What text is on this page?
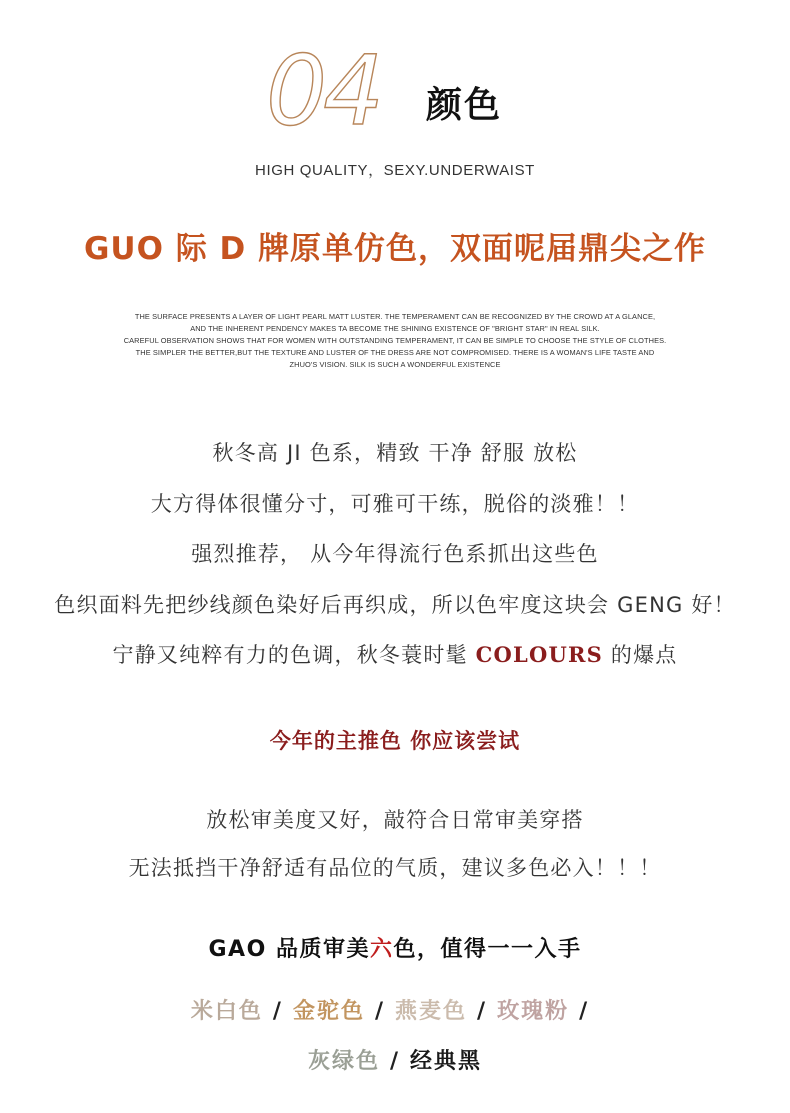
04 颜色
HIGH QUALITY，SEXY.UNDERWAIST
GUO 际 D 牌原单仿色，双面呢届鼎尖之作
THE SURFACE PRESENTS A LAYER OF LIGHT PEARL MATT LUSTER. THE TEMPERAMENT CAN BE RECOGNIZED BY THE CROWD AT A GLANCE,
AND THE INHERENT PENDENCY MAKES TA BECOME THE SHINING EXISTENCE OF "BRIGHT STAR" IN REAL SILK.
CAREFUL OBSERVATION SHOWS THAT FOR WOMEN WITH OUTSTANDING TEMPERAMENT, IT CAN BE SIMPLE TO CHOOSE THE STYLE OF CLOTHES.
THE SIMPLER THE BETTER,BUT THE TEXTURE AND LUSTER OF THE DRESS ARE NOT COMPROMISED. THERE IS A WOMAN'S LIFE TASTE AND
ZHUO'S VISION. SILK IS SUCH A WONDERFUL EXISTENCE
秋冬高 JI 色系，精致 干净 舒服 放松
大方得体很懂分寸，可雅可干练，脱俗的淡雅！！
强烈推荐， 从今年得流行色系抓出这些色
色织面料先把纱线颜色染好后再织成，所以色牢度这块会 GENG 好！
宁静又纯粹有力的色调，秋冬蓑时髦 COLOURS 的爆点
今年的主推色 你应该尝试
放松审美度又好，敲符合日常审美穿搭
无法抵挡干净舒适有品位的气质，建议多色必入！！！
GAO 品质审美六色，值得一一入手
米白色 / 金驼色 / 燕麦色 / 玫瑰粉 /
灰绿色 / 经典黑
